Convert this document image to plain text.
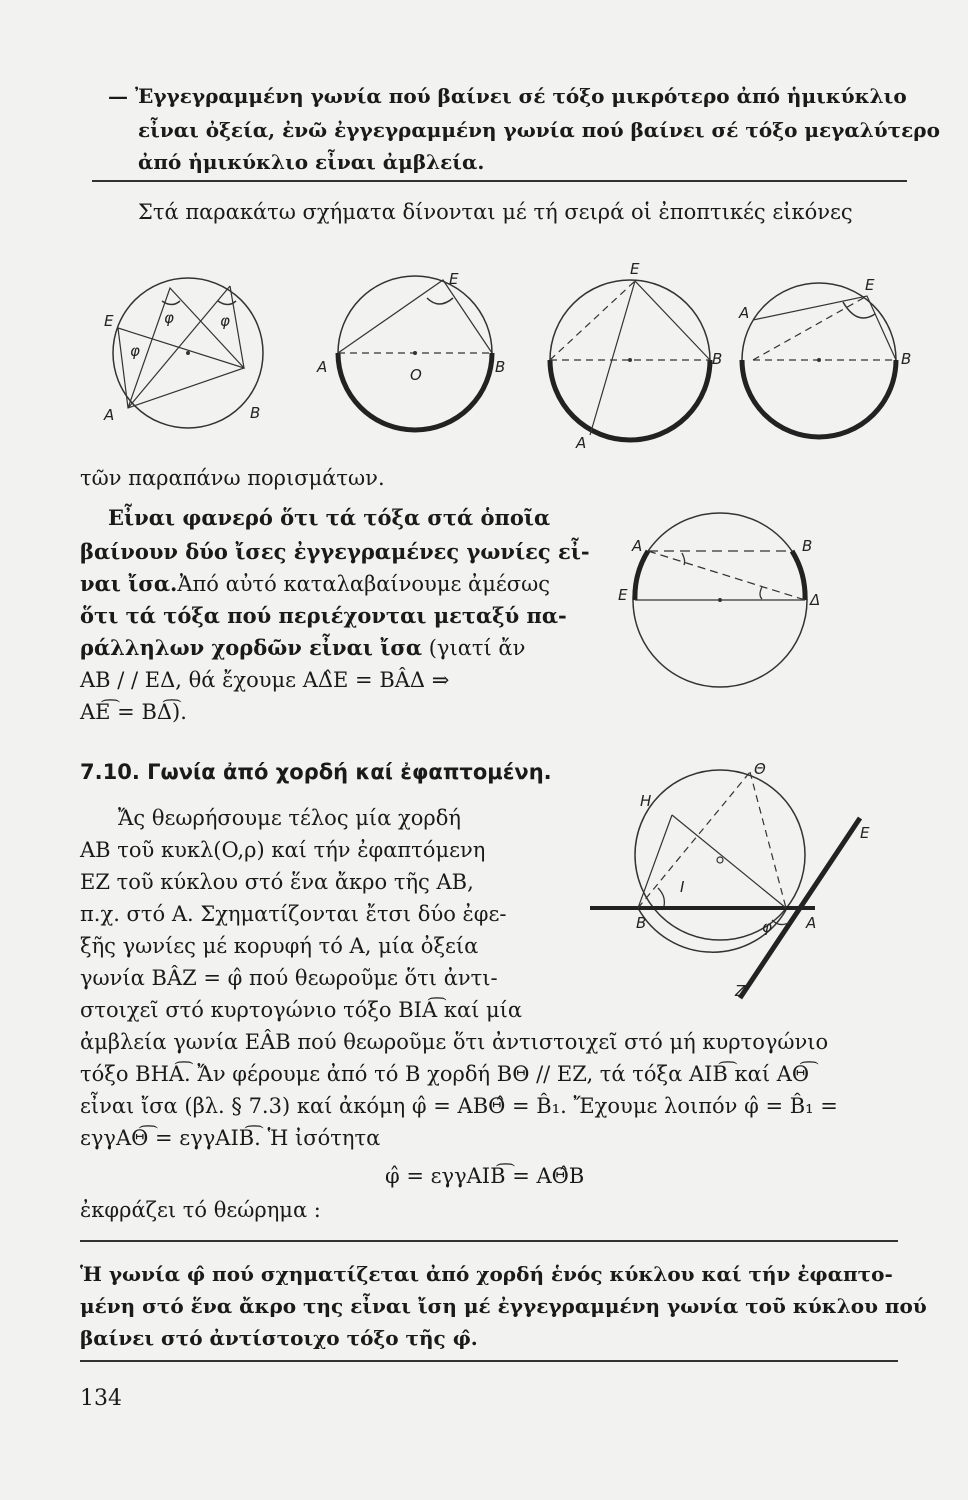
— Ἐγγεγραμμένη γωνία πού βαίνει σέ τόξο μικρότερο ἀπό ἡμικύκλιο
εἶναι ὀξεία, ἐνῶ ἐγγεγραμμένη γωνία πού βαίνει σέ τόξο μεγαλύτερο
ἀπό ἡμικύκλιο εἶναι ἀμβλεία.
Στά παρακάτω σχήματα δίνονται μέ τή σειρά οἱ ἐποπτικές εἰκόνες
E	φ	φ
φ
A	B
E
A	O	B
E
B
A
A
E
B
τῶν παραπάνω πορισμάτων.
Εἶναι φανερό ὅτι τά τόξα στά ὁποῖα
βαίνουν δύο ἴσες ἐγγεγραμένες γωνίες εἶ-
ναι ἴσα.Ἀπό αὐτό καταλαβαίνουμε ἀμέσως
ὅτι τά τόξα πού περιέχονται μεταξύ πα-
ράλληλων χορδῶν εἶναι ἴσα (γιατί ἄν
AB / / EΔ, θά ἔχουμε AΔ̂E = BÂΔ ⇒
AE͡ = BΔ͡).
A	B
E	Δ
7.10. Γωνία ἀπό χορδή καί ἐφαπτομένη.
Ἄς θεωρήσουμε τέλος μία χορδή
AB τοῦ κυκλ(O,ρ) καί τήν ἐφαπτόμενη
EZ τοῦ κύκλου στό ἕνα ἄκρο τῆς AB,
π.χ. στό A. Σχηματίζονται ἔτσι δύο ἐφε-
ξῆς γωνίες μέ κορυφή τό A, μία ὀξεία
γωνία BÂZ = φ̂ πού θεωροῦμε ὅτι ἀντι-
στοιχεῖ στό κυρτογώνιο τόξο BIA͡ καί μία
ἀμβλεία γωνία EÂB πού θεωροῦμε ὅτι ἀντιστοιχεῖ στό μή κυρτογώνιο
τόξο BHA͡. Ἄν φέρουμε ἀπό τό B χορδή BΘ // EZ, τά τόξα AIB͡ καί AΘ͡
εἶναι ἴσα (βλ. § 7.3) καί ἀκόμη φ̂ = ABΘ̂ = B̂₁. Ἔχουμε λοιπόν φ̂ = B̂₁ =
εγγAΘ͡ = εγγAIB͡. Ἡ ἰσότητα
φ̂ = εγγAIB͡ = AΘ̂B
ἐκφράζει τό θεώρημα :
Θ
H
E
B	A
φ
I
Z
Ἡ γωνία φ̂ πού σχηματίζεται ἀπό χορδή ἑνός κύκλου καί τήν ἐφαπτο-
μένη στό ἕνα ἄκρο της εἶναι ἴση μέ ἐγγεγραμμένη γωνία τοῦ κύκλου πού
βαίνει στό ἀντίστοιχο τόξο τῆς φ̂.
134
